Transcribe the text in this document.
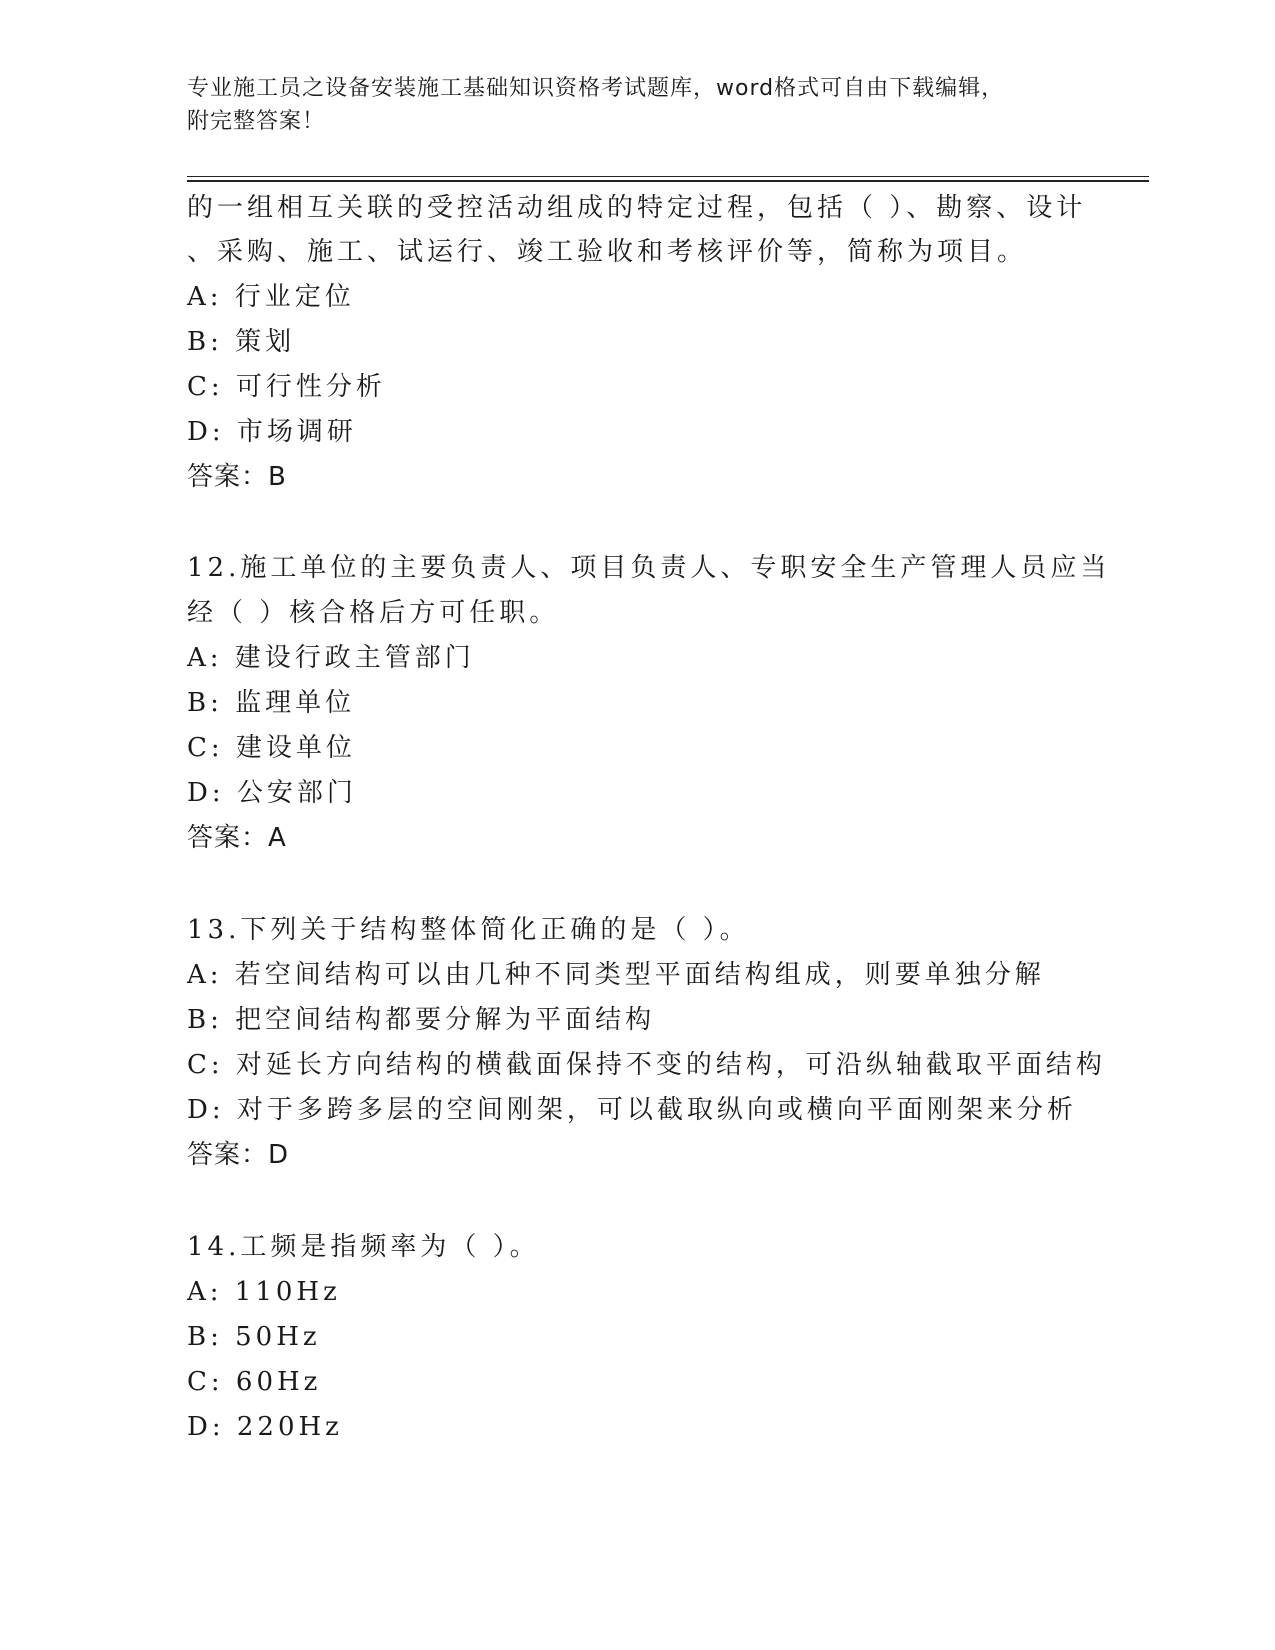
专业施工员之设备安装施工基础知识资格考试题库，word格式可自由下载编辑，
附完整答案！
的一组相互关联的受控活动组成的特定过程，包括（ ）、勘察、设计
、采购、施工、试运行、竣工验收和考核评价等，简称为项目。
A: 行业定位
B: 策划
C: 可行性分析
D: 市场调研
答案：B
12.施工单位的主要负责人、项目负责人、专职安全生产管理人员应当
经（ ）核合格后方可任职。
A: 建设行政主管部门
B: 监理单位
C: 建设单位
D: 公安部门
答案：A
13.下列关于结构整体简化正确的是（ ）。
A: 若空间结构可以由几种不同类型平面结构组成，则要单独分解
B: 把空间结构都要分解为平面结构
C: 对延长方向结构的横截面保持不变的结构，可沿纵轴截取平面结构
D: 对于多跨多层的空间刚架，可以截取纵向或横向平面刚架来分析
答案：D
14.工频是指频率为（ ）。
A: 110Hz
B: 50Hz
C: 60Hz
D: 220Hz
